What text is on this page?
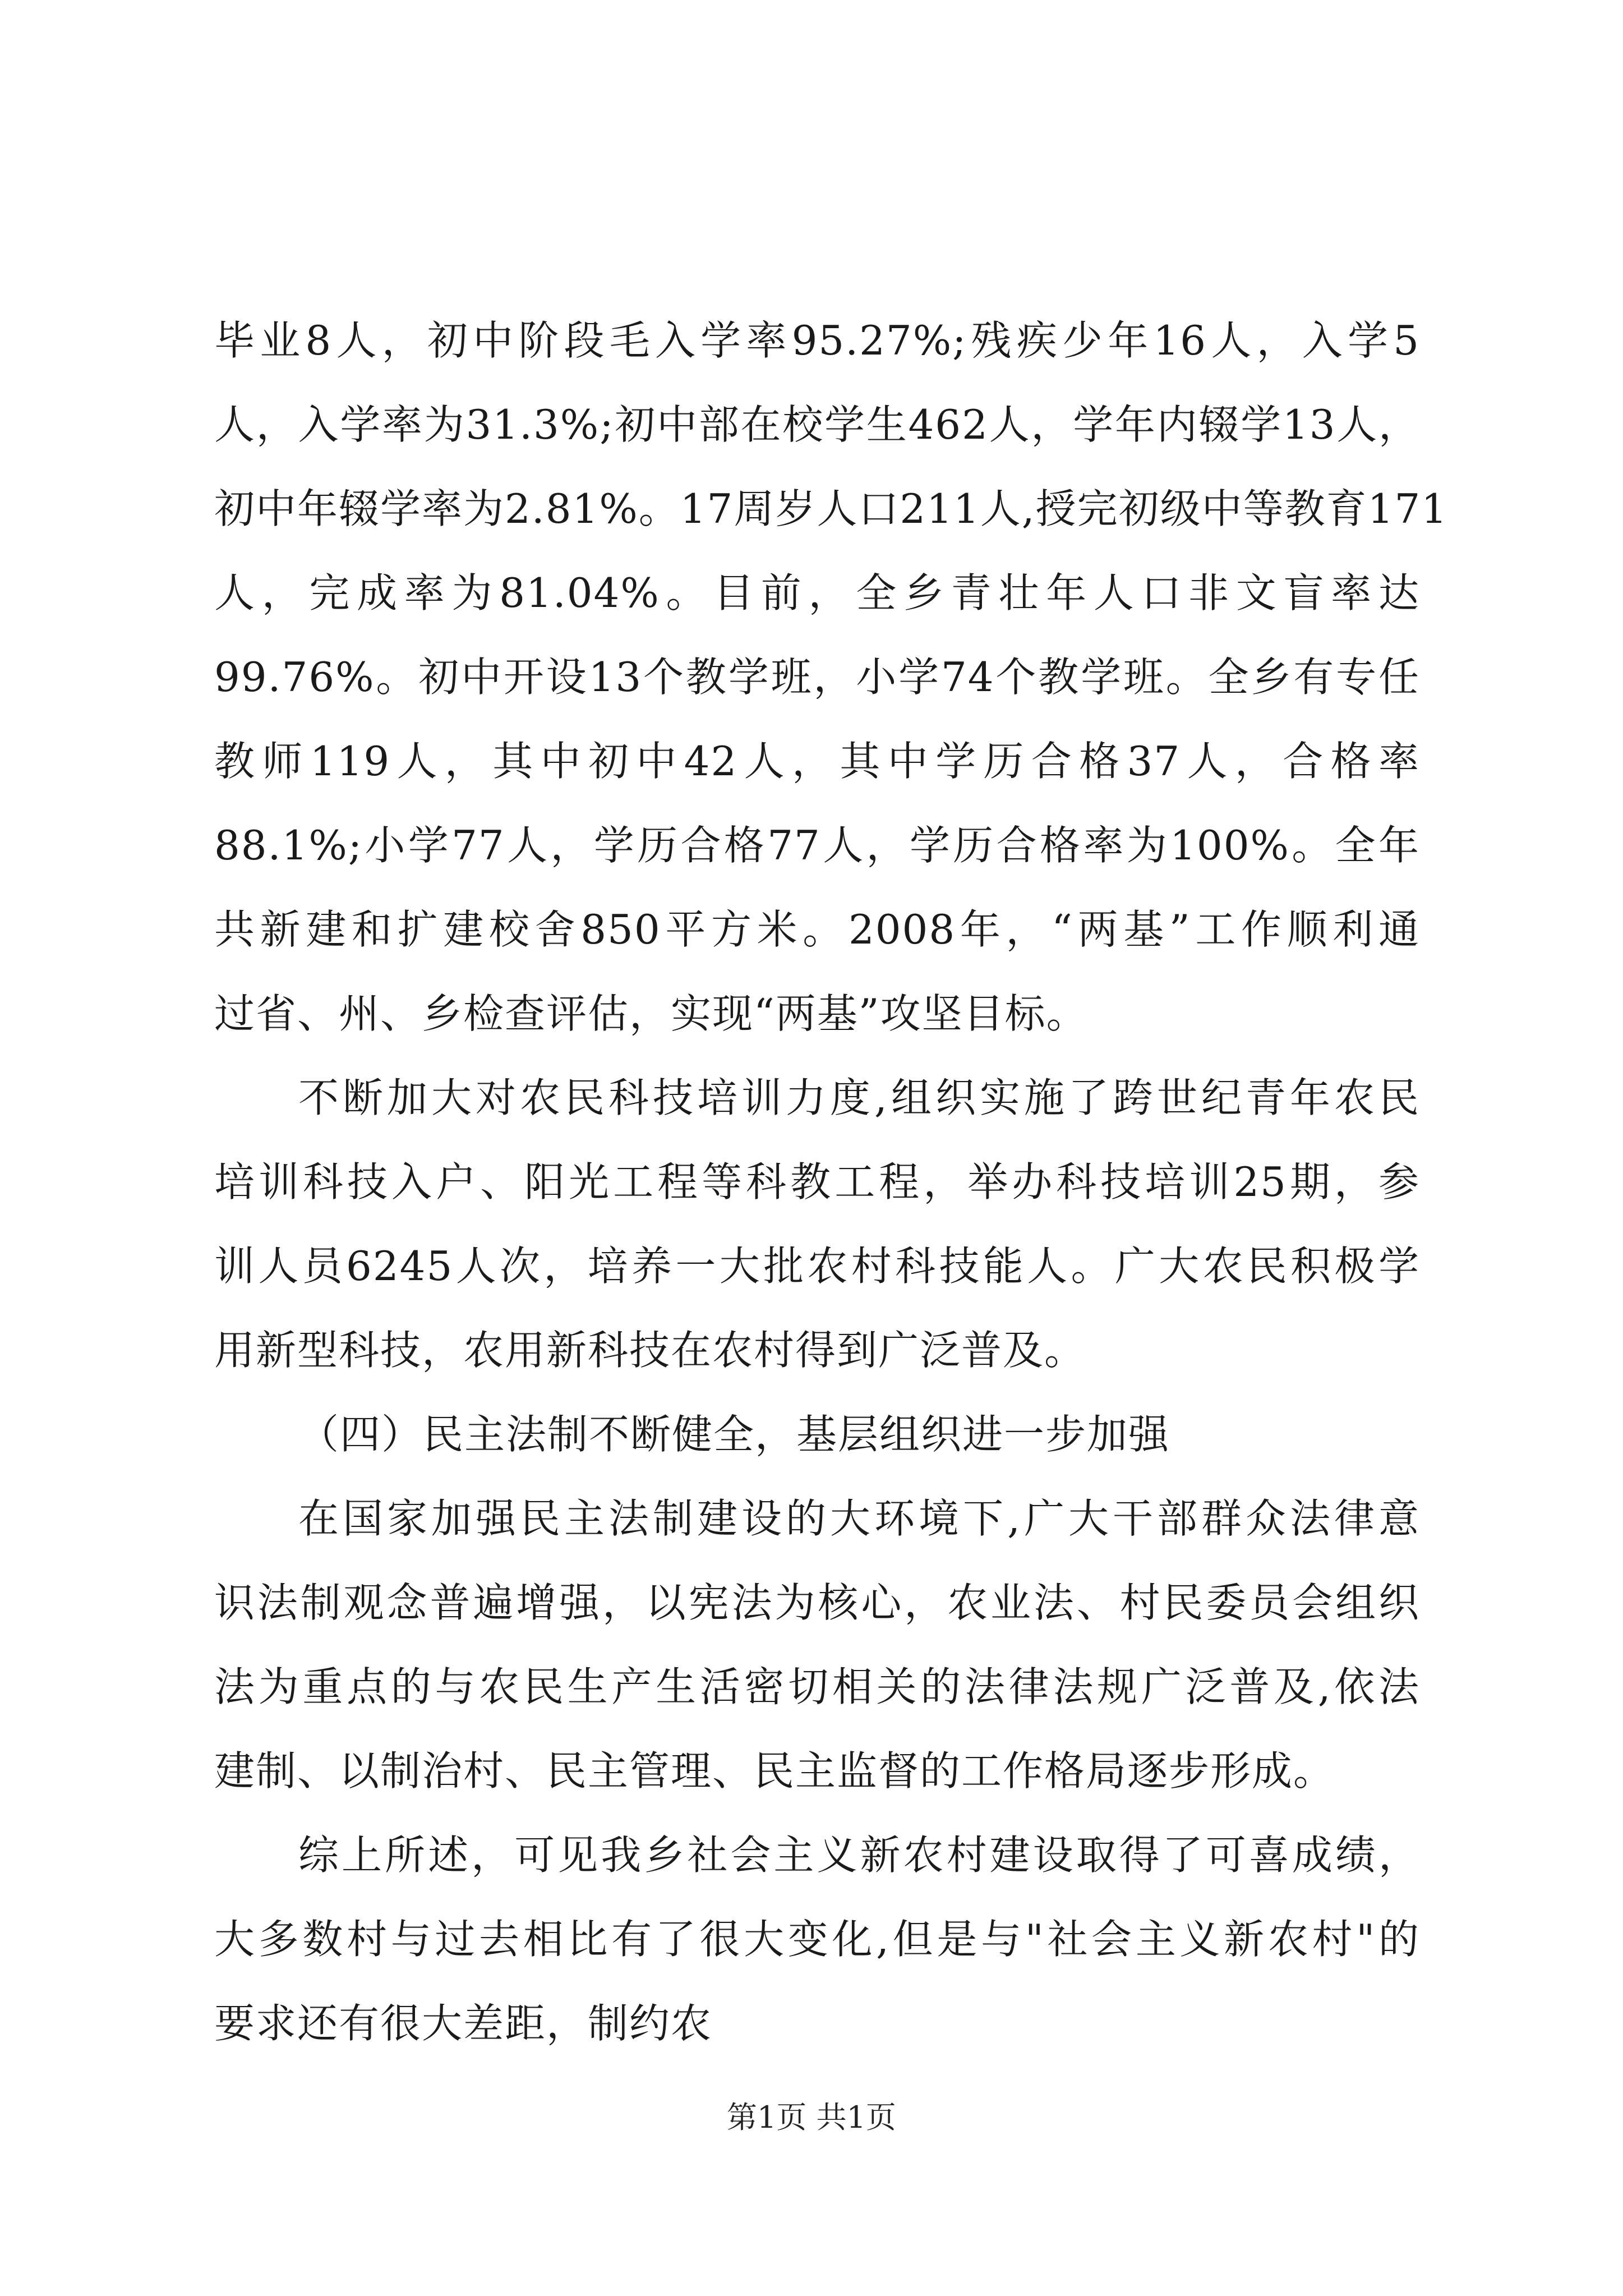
毕业8人，初中阶段毛入学率95.27%;残疾少年16人，入学5
人，入学率为31.3%;初中部在校学生462人，学年内辍学13人，
初中年辍学率为2.81%。17周岁人口211人,授完初级中等教育171
人，完成率为81.04%。目前，全乡青壮年人口非文盲率达
99.76%。初中开设13个教学班，小学74个教学班。全乡有专任
教师119人，其中初中42人，其中学历合格37人，合格率
88.1%;小学77人，学历合格77人，学历合格率为100%。全年
共新建和扩建校舍850平方米。2008年，“两基”工作顺利通
过省、州、乡检查评估，实现“两基”攻坚目标。
不断加大对农民科技培训力度,组织实施了跨世纪青年农民
培训科技入户、阳光工程等科教工程，举办科技培训25期，参
训人员6245人次，培养一大批农村科技能人。广大农民积极学
用新型科技，农用新科技在农村得到广泛普及。
（四）民主法制不断健全，基层组织进一步加强
在国家加强民主法制建设的大环境下,广大干部群众法律意
识法制观念普遍增强，以宪法为核心，农业法、村民委员会组织
法为重点的与农民生产生活密切相关的法律法规广泛普及,依法
建制、以制治村、民主管理、民主监督的工作格局逐步形成。
综上所述，可见我乡社会主义新农村建设取得了可喜成绩，
大多数村与过去相比有了很大变化,但是与"社会主义新农村"的
要求还有很大差距，制约农
第1页 共1页
